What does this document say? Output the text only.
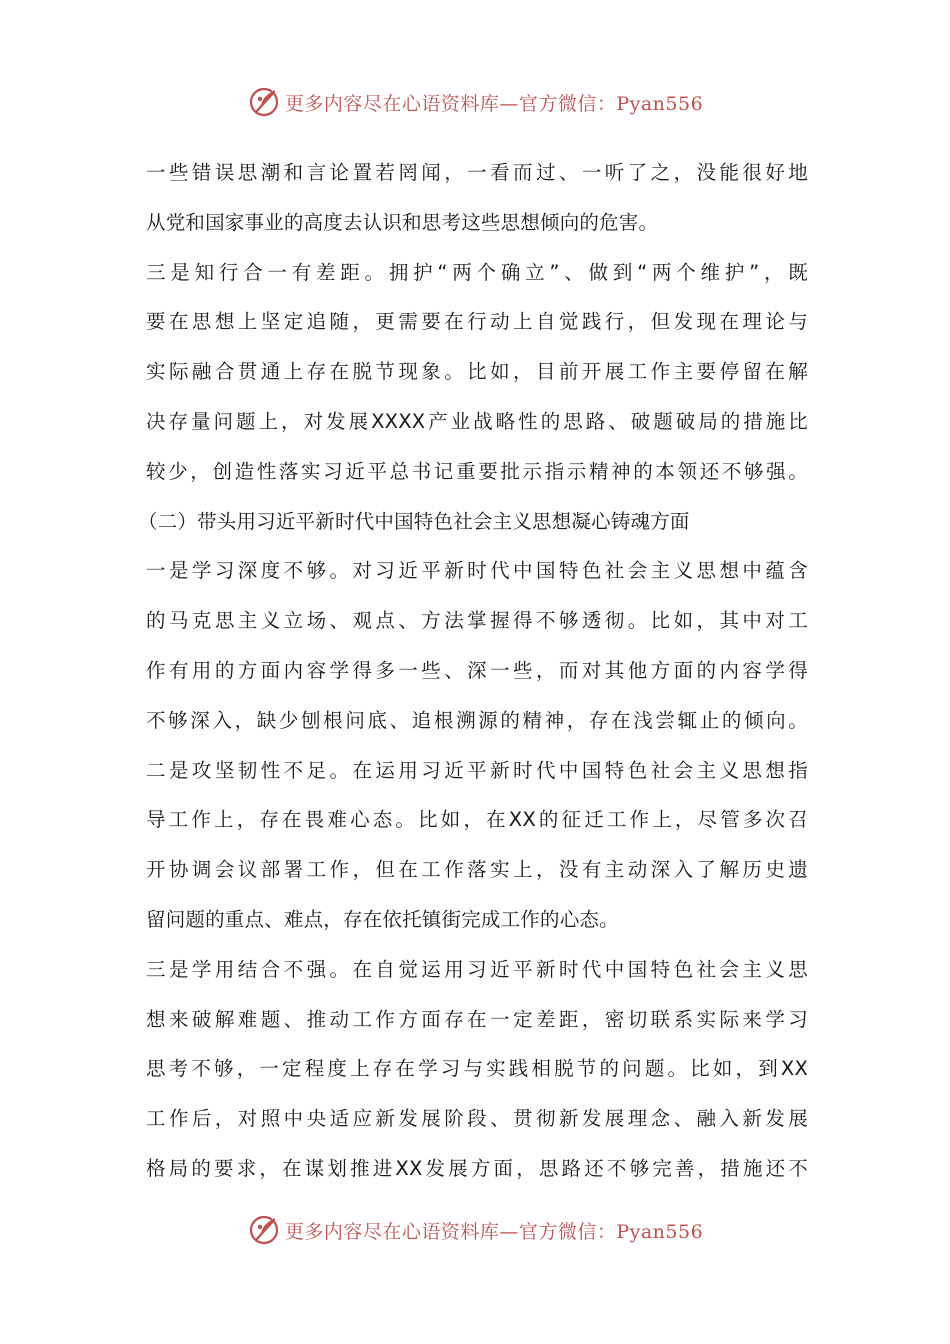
更多内容尽在心语资料库—官方微信：Pyan556
一些错误思潮和言论置若罔闻，一看而过、一听了之，没能很好地
从党和国家事业的高度去认识和思考这些思想倾向的危害。
三是知行合一有差距。拥护“两个确立”、做到“两个维护”，既
要在思想上坚定追随，更需要在行动上自觉践行，但发现在理论与
实际融合贯通上存在脱节现象。比如，目前开展工作主要停留在解
决存量问题上，对发展XXXX产业战略性的思路、破题破局的措施比
较少，创造性落实习近平总书记重要批示指示精神的本领还不够强。
（二）带头用习近平新时代中国特色社会主义思想凝心铸魂方面
一是学习深度不够。对习近平新时代中国特色社会主义思想中蕴含
的马克思主义立场、观点、方法掌握得不够透彻。比如，其中对工
作有用的方面内容学得多一些、深一些，而对其他方面的内容学得
不够深入，缺少刨根问底、追根溯源的精神，存在浅尝辄止的倾向。
二是攻坚韧性不足。在运用习近平新时代中国特色社会主义思想指
导工作上，存在畏难心态。比如，在XX的征迁工作上，尽管多次召
开协调会议部署工作，但在工作落实上，没有主动深入了解历史遗
留问题的重点、难点，存在依托镇街完成工作的心态。
三是学用结合不强。在自觉运用习近平新时代中国特色社会主义思
想来破解难题、推动工作方面存在一定差距，密切联系实际来学习
思考不够，一定程度上存在学习与实践相脱节的问题。比如，到XX
工作后，对照中央适应新发展阶段、贯彻新发展理念、融入新发展
格局的要求，在谋划推进XX发展方面，思路还不够完善，措施还不
更多内容尽在心语资料库—官方微信：Pyan556
